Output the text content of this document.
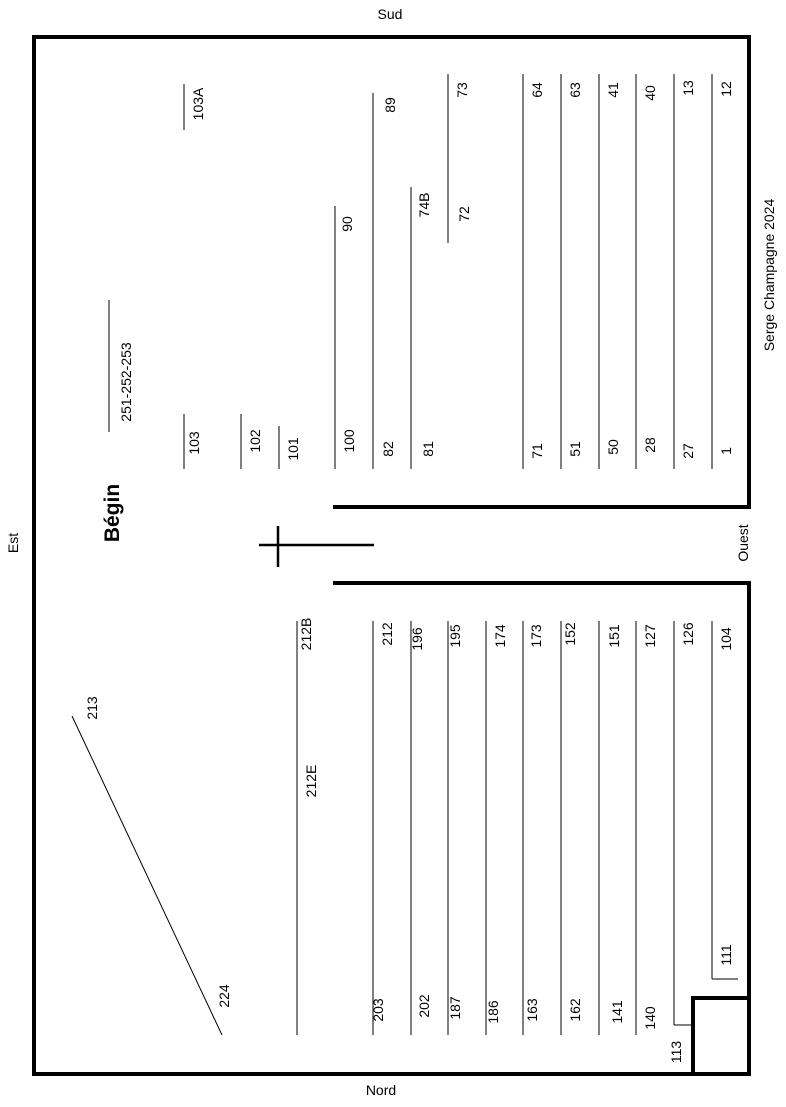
Sud
Nord
Est	Ouest
Bégin
Serge Champagne 2024
103A
103
251-252-253
102 101
90
100
89
82
74B
81
73
72
64
71
63
51
41
50
40
28
13
27
12
1
213
224
212B
212E
212
203
196
202
195
187
174
186
173
163
152
162
151
141
127
140
126
113
104
111
